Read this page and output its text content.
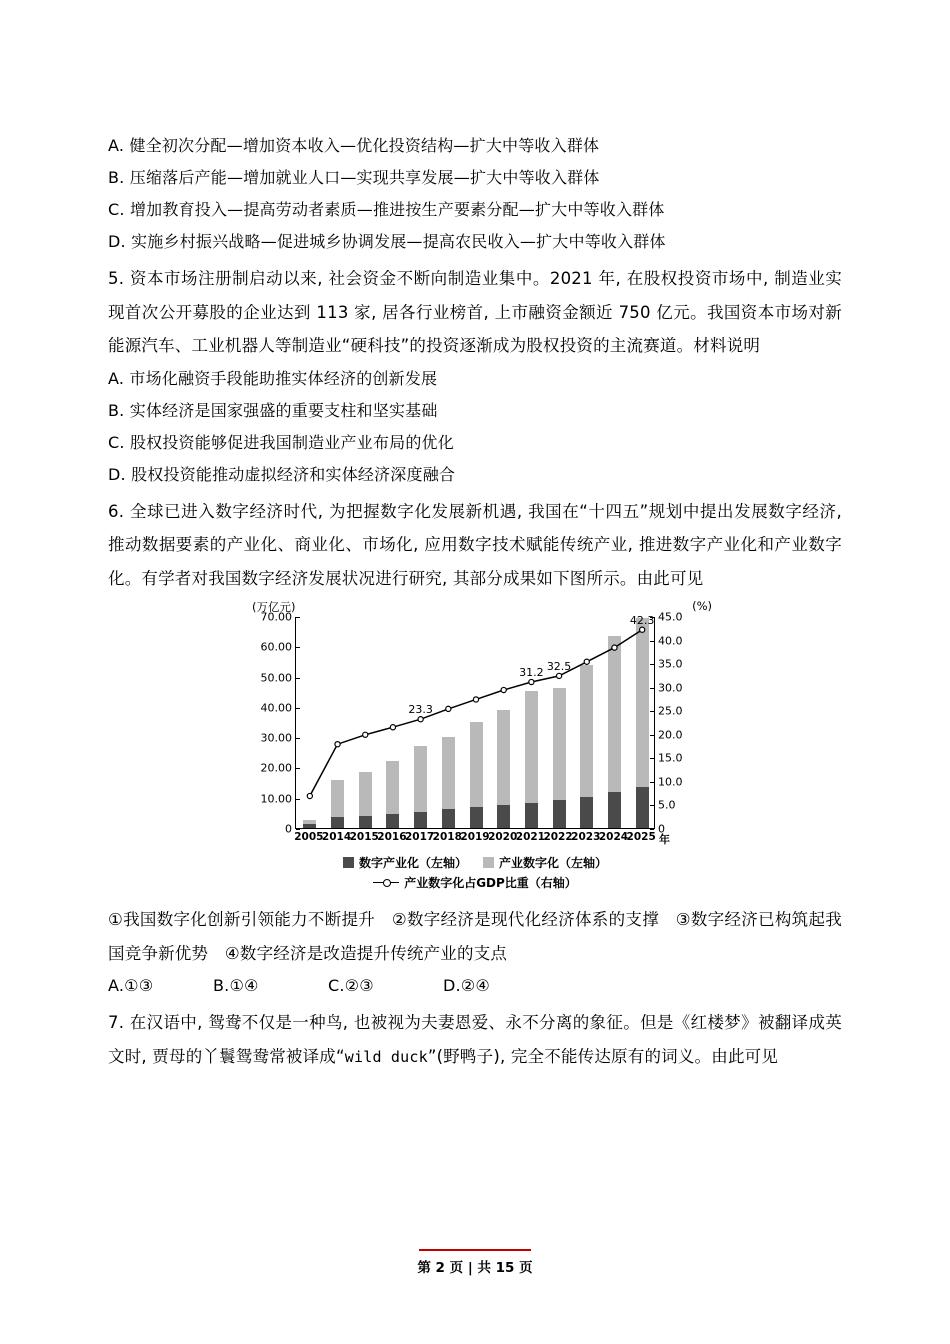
A. 健全初次分配—增加资本收入—优化投资结构—扩大中等收入群体
B. 压缩落后产能—增加就业人口—实现共享发展—扩大中等收入群体
C. 增加教育投入—提高劳动者素质—推进按生产要素分配—扩大中等收入群体
D. 实施乡村振兴战略—促进城乡协调发展—提高农民收入—扩大中等收入群体
5. 资本市场注册制启动以来, 社会资金不断向制造业集中。2021 年, 在股权投资市场中, 制造业实现首次公开募股的企业达到 113 家, 居各行业榜首, 上市融资金额近 750 亿元。我国资本市场对新能源汽车、工业机器人等制造业“硬科技”的投资逐渐成为股权投资的主流赛道。材料说明
A. 市场化融资手段能助推实体经济的创新发展
B. 实体经济是国家强盛的重要支柱和坚实基础
C. 股权投资能够促进我国制造业产业布局的优化
D. 股权投资能推动虚拟经济和实体经济深度融合
6. 全球已进入数字经济时代, 为把握数字化发展新机遇, 我国在“十四五”规划中提出发展数字经济, 推动数据要素的产业化、商业化、市场化, 应用数字技术赋能传统产业, 推进数字产业化和产业数字化。有学者对我国数字经济发展状况进行研究, 其部分成果如下图所示。由此可见
(万亿元)	(%)
0
10.00
20.00
30.00
40.00
50.00
60.00
70.00
0
5.0
10.0
15.0
20.0
25.0
30.0
35.0
40.0
45.0
23.3
31.2 32.5
42.3
2005
2014
2015
2016
2017
2018
2019
2020
2021
2022
2023
2024
2025 年
数字产业化（左轴）	产业数字化（左轴）
产业数字化占GDP比重（右轴）
①我国数字化创新引领能力不断提升　②数字经济是现代化经济体系的支撑　③数字经济已构筑起我国竞争新优势　④数字经济是改造提升传统产业的支点
A.①③	B.①④	C.②③	D.②④
7. 在汉语中, 鸳鸯不仅是一种鸟, 也被视为夫妻恩爱、永不分离的象征。但是《红楼梦》被翻译成英文时, 贾母的丫鬟鸳鸯常被译成“wild duck”(野鸭子), 完全不能传达原有的词义。由此可见
第 2 页 | 共 15 页
